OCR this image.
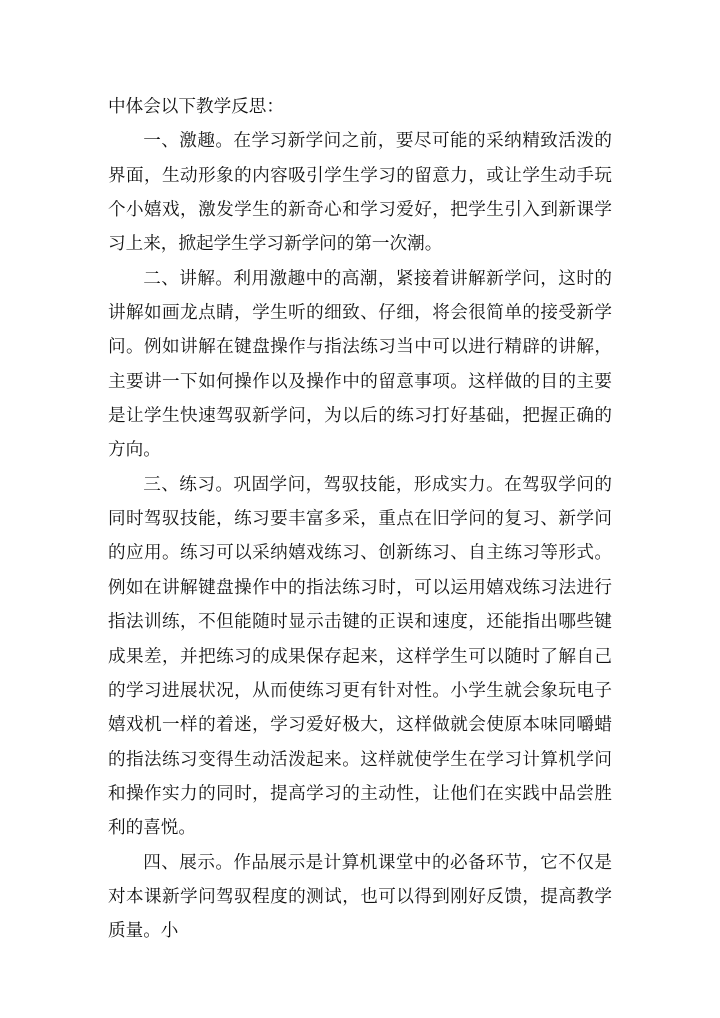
中体会以下教学反思：

一、激趣。在学习新学问之前，要尽可能的采纳精致活泼的界面，生动形象的内容吸引学生学习的留意力，或让学生动手玩个小嬉戏，激发学生的新奇心和学习爱好，把学生引入到新课学习上来，掀起学生学习新学问的第一次潮。

二、讲解。利用激趣中的高潮，紧接着讲解新学问，这时的讲解如画龙点睛，学生听的细致、仔细，将会很简单的接受新学问。例如讲解在键盘操作与指法练习当中可以进行精辟的讲解，主要讲一下如何操作以及操作中的留意事项。这样做的目的主要是让学生快速驾驭新学问，为以后的练习打好基础，把握正确的方向。

三、练习。巩固学问，驾驭技能，形成实力。在驾驭学问的同时驾驭技能，练习要丰富多采，重点在旧学问的复习、新学问的应用。练习可以采纳嬉戏练习、创新练习、自主练习等形式。例如在讲解键盘操作中的指法练习时，可以运用嬉戏练习法进行指法训练，不但能随时显示击键的正误和速度，还能指出哪些键成果差，并把练习的成果保存起来，这样学生可以随时了解自己的学习进展状况，从而使练习更有针对性。小学生就会象玩电子嬉戏机一样的着迷，学习爱好极大，这样做就会使原本味同嚼蜡的指法练习变得生动活泼起来。这样就使学生在学习计算机学问和操作实力的同时，提高学习的主动性，让他们在实践中品尝胜利的喜悦。

四、展示。作品展示是计算机课堂中的必备环节，它不仅是对本课新学问驾驭程度的测试，也可以得到刚好反馈，提高教学质量。小
